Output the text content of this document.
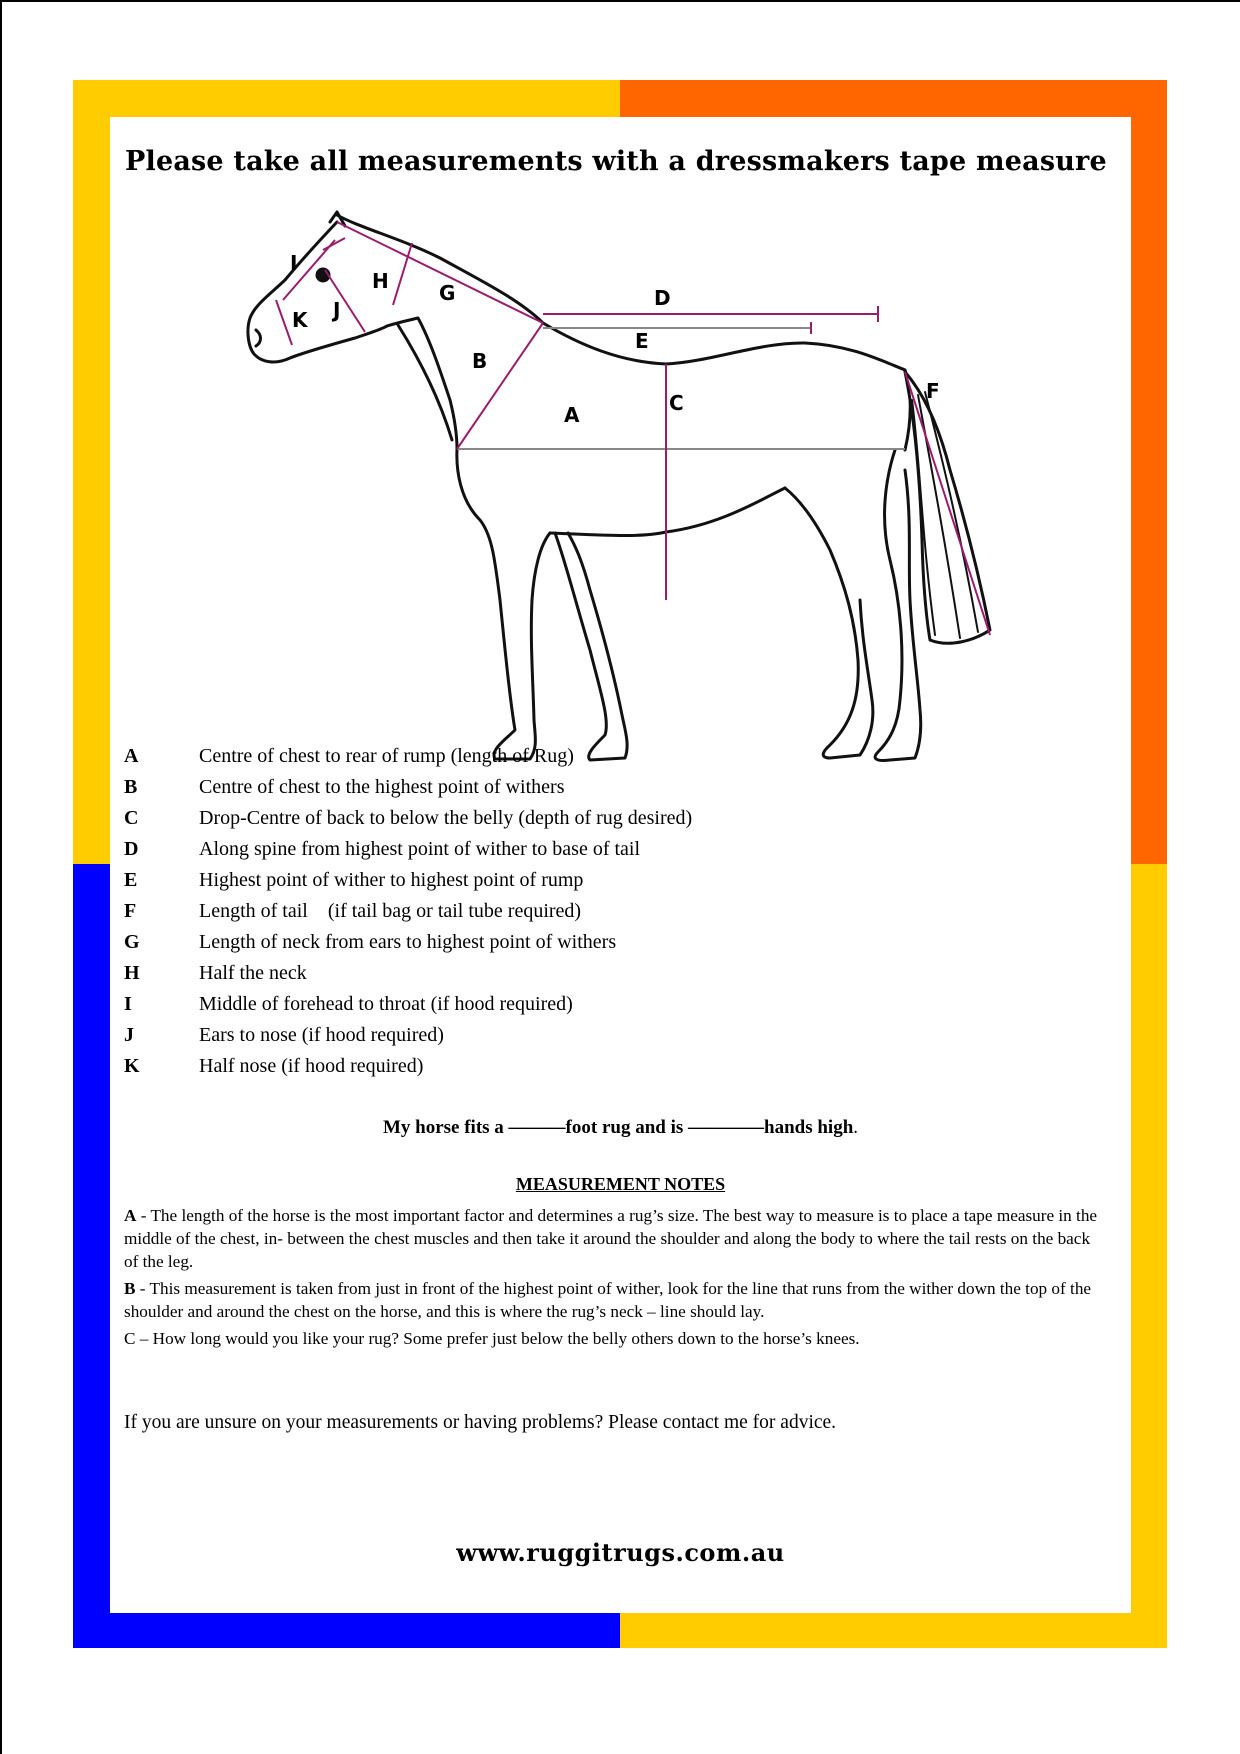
Please take all measurements with a dressmakers tape measure
I
H
J
K
G	D
E
B
A	C	F
A	Centre of chest to rear of rump (length of Rug)
B	Centre of chest to the highest point of withers
C	Drop-Centre of back to below the belly (depth of rug desired)
D	Along spine from highest point of wither to base of tail
E	Highest point of wither to highest point of rump
F	Length of tail    (if tail bag or tail tube required)
G	Length of neck from ears to highest point of withers
H	Half the neck
I	Middle of forehead to throat (if hood required)
J	Ears to nose (if hood required)
K	Half nose (if hood required)
My horse fits a ———foot rug and is ————hands high.
MEASUREMENT NOTES

A - The length of the horse is the most important factor and determines a rug’s size. The best way to measure is to place a tape measure in the middle of the chest, in- between the chest muscles and then take it around the shoulder and along the body to where the tail rests on the back of the leg.

B - This measurement is taken from just in front of the highest point of wither, look for the line that runs from the wither down the top of the shoulder and around the chest on the horse, and this is where the rug’s neck – line should lay.

C – How long would you like your rug? Some prefer just below the belly others down to the horse’s knees.

If you are unsure on your measurements or having problems? Please contact me for advice.
www.ruggitrugs.com.au
